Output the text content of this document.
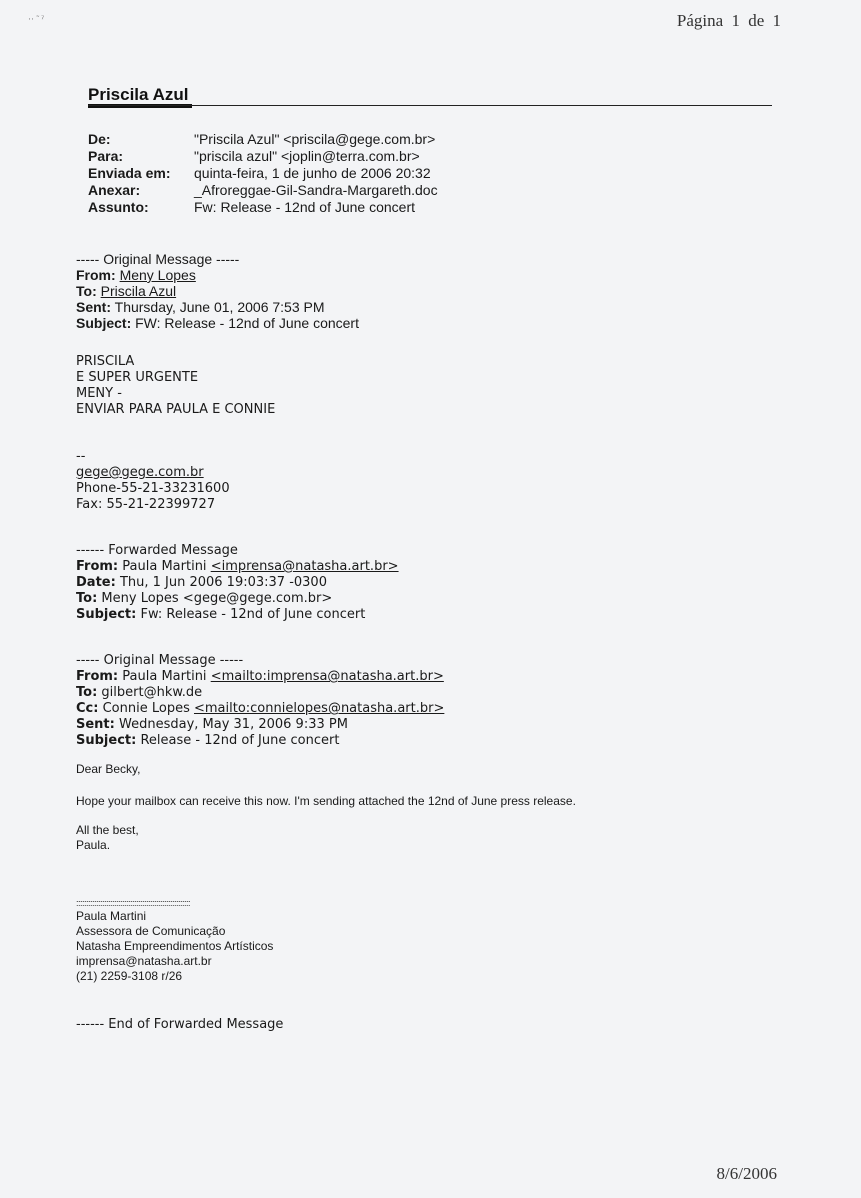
·· ˜ ˀ	Página 1 de 1
Priscila Azul
De:	"Priscila Azul" <priscila@gege.com.br>
Para:	"priscila azul" <joplin@terra.com.br>
Enviada em:	quinta-feira, 1 de junho de 2006 20:32
Anexar:	_Afroreggae-Gil-Sandra-Margareth.doc
Assunto:	Fw: Release - 12nd of June concert
----- Original Message -----
From: Meny Lopes
To: Priscila Azul
Sent: Thursday, June 01, 2006 7:53 PM
Subject: FW: Release - 12nd of June concert
PRISCILA
E SUPER URGENTE
MENY -
ENVIAR PARA PAULA E CONNIE
--
gege@gege.com.br
Phone-55-21-33231600
Fax: 55-21-22399727
------ Forwarded Message
From: Paula Martini <imprensa@natasha.art.br>
Date: Thu, 1 Jun 2006 19:03:37 -0300
To: Meny Lopes <gege@gege.com.br>
Subject: Fw: Release - 12nd of June concert
----- Original Message -----
From: Paula Martini <mailto:imprensa@natasha.art.br>
To: gilbert@hkw.de
Cc: Connie Lopes <mailto:connielopes@natasha.art.br>
Sent: Wednesday, May 31, 2006 9:33 PM
Subject: Release - 12nd of June concert
Dear Becky,
Hope your mailbox can receive this now. I'm sending attached the 12nd of June press release.
All the best,
Paula.
:::::::::::::::::::::::::::::::::::::::::::::::::::::::::
Paula Martini
Assessora de Comunicação
Natasha Empreendimentos Artísticos
imprensa@natasha.art.br
(21) 2259-3108 r/26
------ End of Forwarded Message
8/6/2006
